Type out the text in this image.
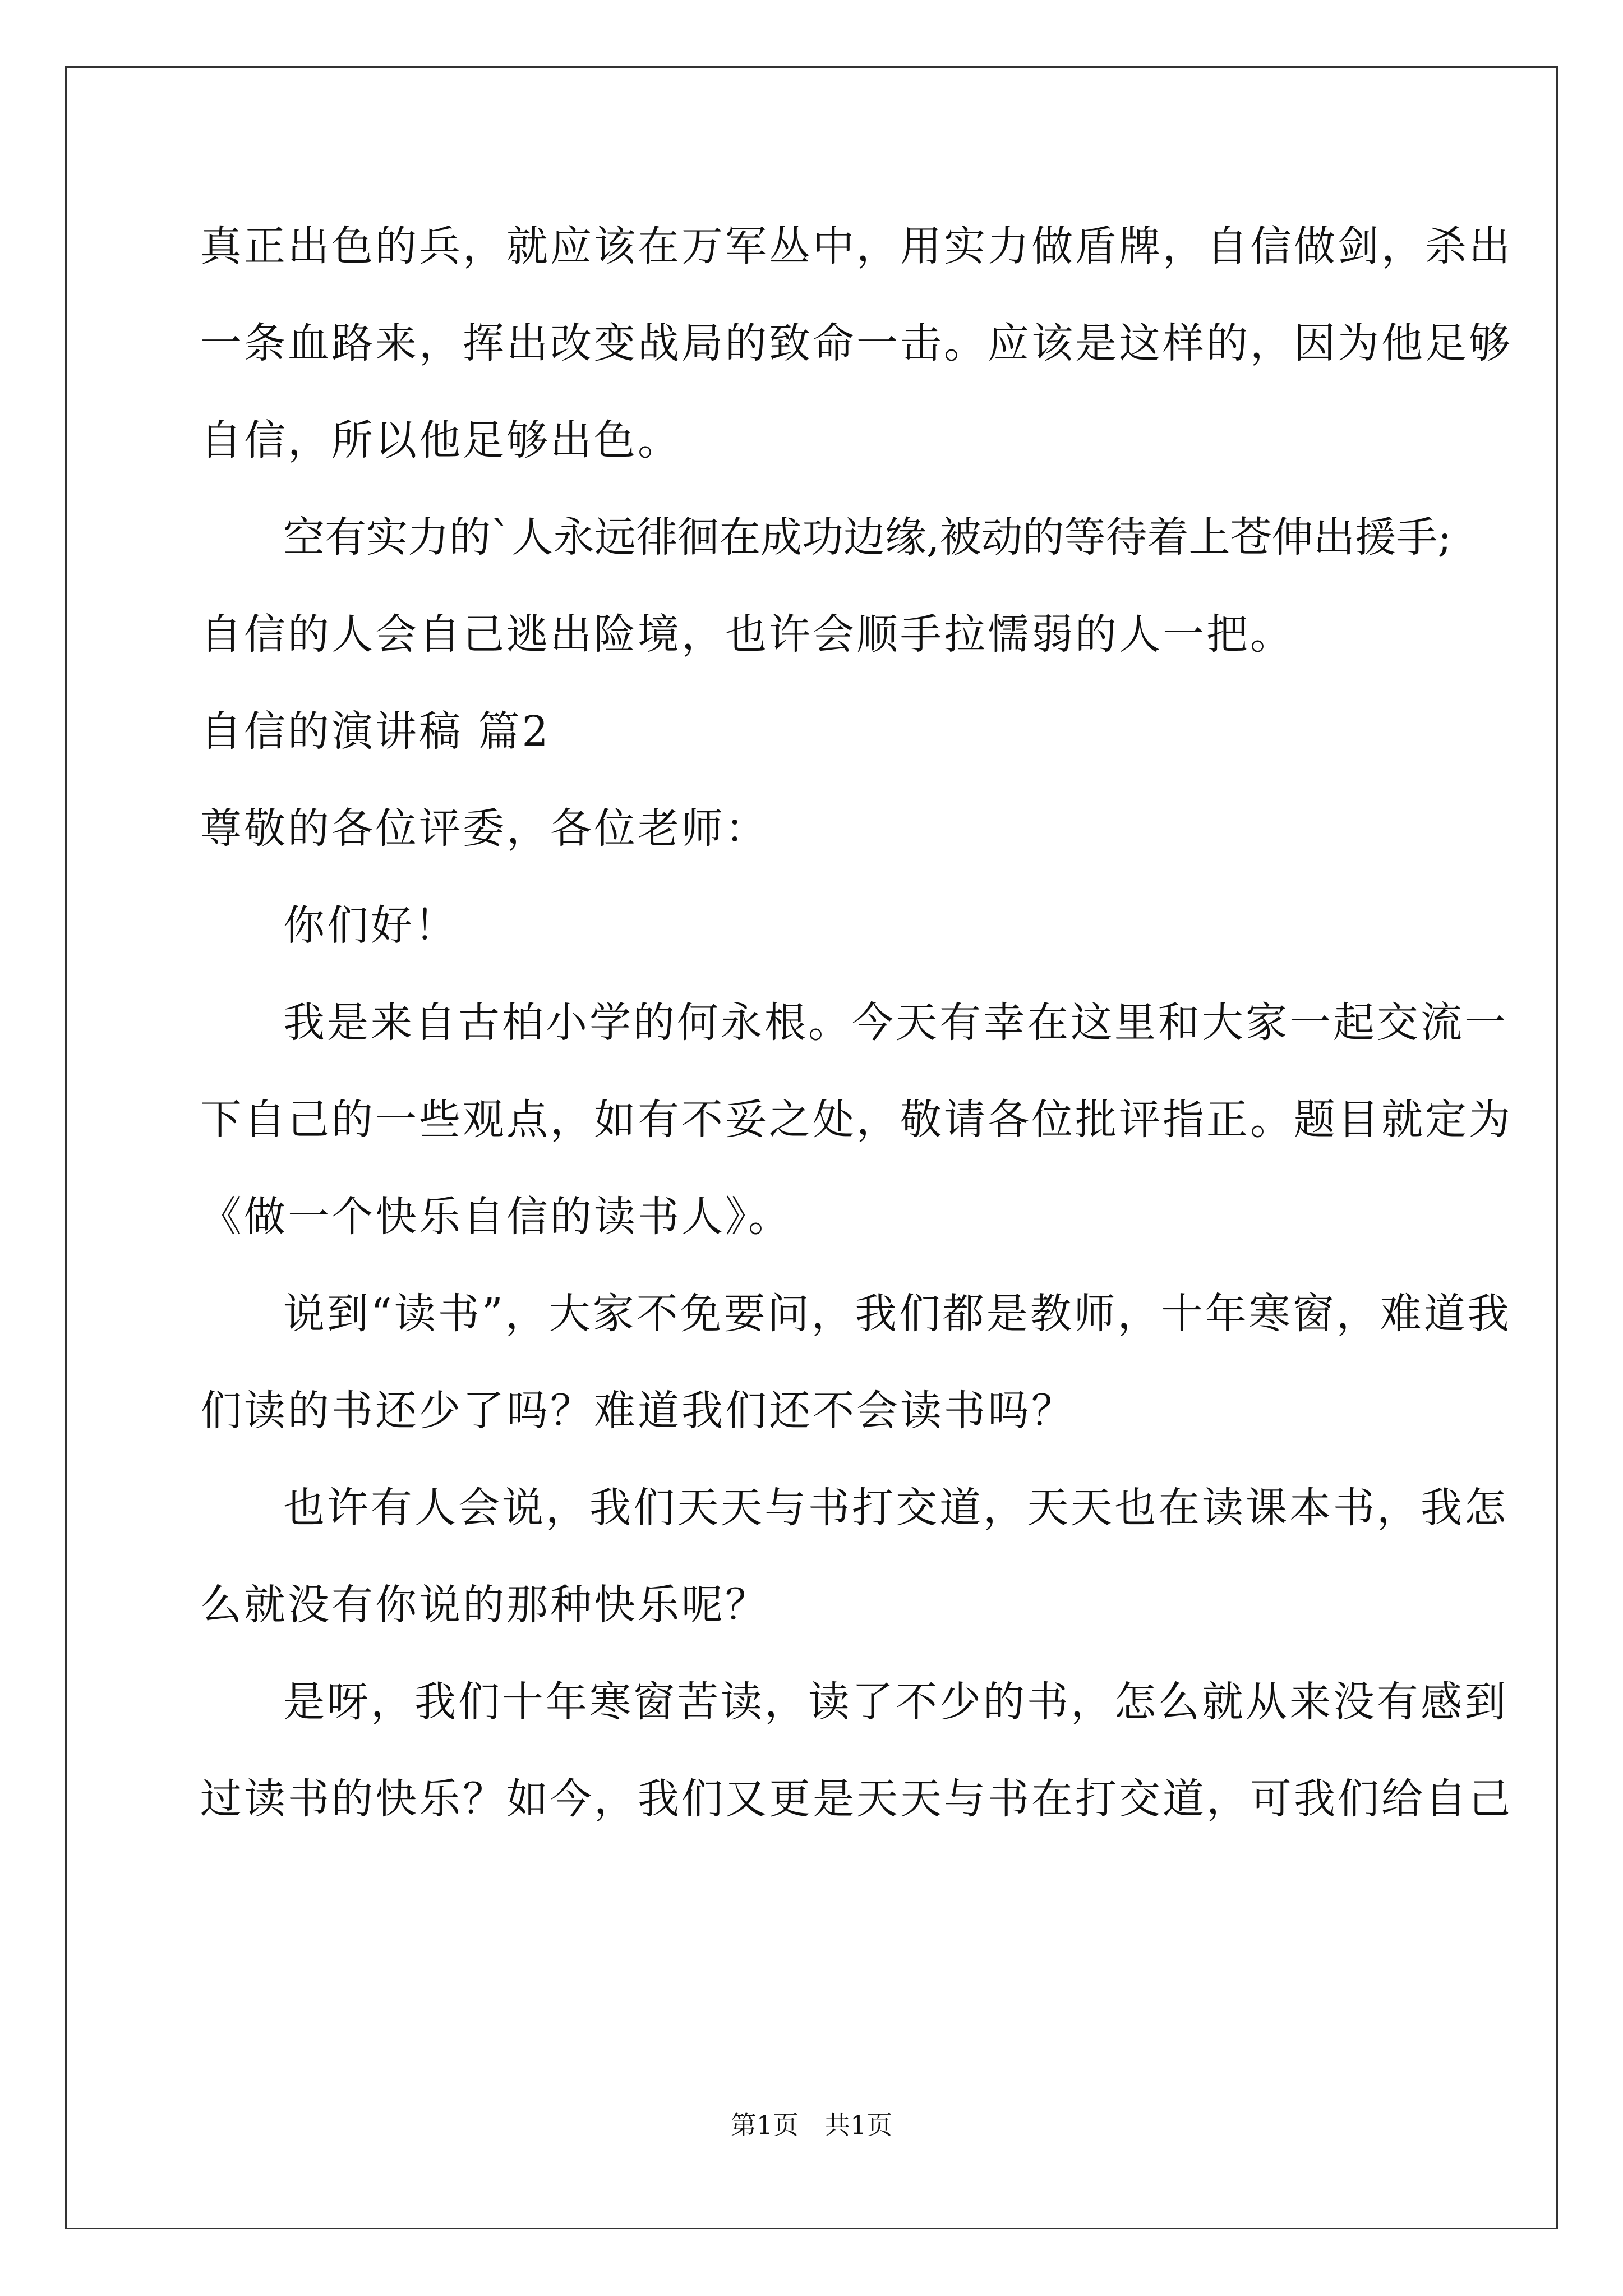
真正出色的兵，就应该在万军丛中，用实力做盾牌，自信做剑，杀出
一条血路来，挥出改变战局的致命一击。应该是这样的，因为他足够
自信，所以他足够出色。
空有实力的`人永远徘徊在成功边缘,被动的等待着上苍伸出援手;
自信的人会自己逃出险境，也许会顺手拉懦弱的人一把。
自信的演讲稿 篇2
尊敬的各位评委，各位老师：
你们好！
我是来自古柏小学的何永根。今天有幸在这里和大家一起交流一
下自己的一些观点，如有不妥之处，敬请各位批评指正。题目就定为
《做一个快乐自信的读书人》。
说到“读书”，大家不免要问，我们都是教师，十年寒窗，难道我
们读的书还少了吗？难道我们还不会读书吗？
也许有人会说，我们天天与书打交道，天天也在读课本书，我怎
么就没有你说的那种快乐呢？
是呀，我们十年寒窗苦读，读了不少的书，怎么就从来没有感到
过读书的快乐？如今，我们又更是天天与书在打交道，可我们给自己
第1页　共1页
